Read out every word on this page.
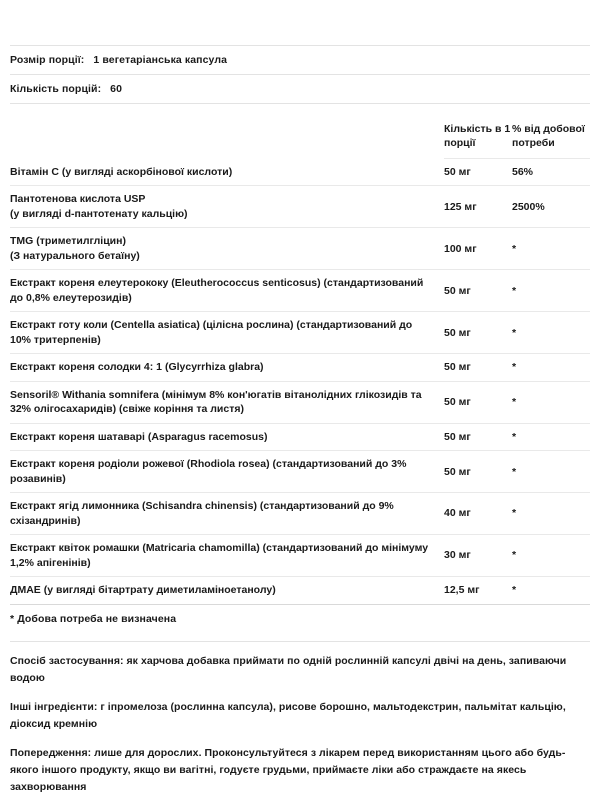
Розмір порції: 1 вегетаріанська капсула
Кількість порцій: 60
	Кількість в 1 порції	% від добової потреби
Вітамін C (у вигляді аскорбінової кислоти)	50 мг	56%
Пантотенова кислота USP
(у вигляді d-пантотенату кальцію)	125 мг	2500%
TMG (триметилгліцин)
(З натурального бетаїну)	100 мг	*
Екстракт кореня елеутерококу (Eleutherococcus senticosus) (стандартизований до 0,8% елеутерозидів)	50 мг	*
Екстракт готу коли (Centella asiatica) (цілісна рослина) (стандартизований до 10% тритерпенів)	50 мг	*
Екстракт кореня солодки 4: 1 (Glycyrrhiza glabra)	50 мг	*
Sensoril® Withania somnifera (мінімум 8% кон'югатів вітанолідних глікозидів та 32% олігосахаридів) (свіже коріння та листя)	50 мг	*
Екстракт кореня шатаварі (Asparagus racemosus)	50 мг	*
Екстракт кореня родіоли рожевої (Rhodiola rosea) (стандартизований до 3% розавинів)	50 мг	*
Екстракт ягід лимонника (Schisandra chinensis) (стандартизований до 9% схізандринів)	40 мг	*
Екстракт квіток ромашки (Matricaria chamomilla) (стандартизований до мінімуму 1,2% апігенінів)	30 мг	*
ДМАЕ (у вигляді бітартрату диметиламіноетанолу)	12,5 мг	*
* Добова потреба не визначена

Спосіб застосування: як харчова добавка приймати по одній рослинній капсулі двічі на день, запиваючи водою

Інші інгредієнти: г іпромелоза (рослинна капсула), рисове борошно, мальтодекстрин, пальмітат кальцію, діоксид кремнію

Попередження: лише для дорослих. Проконсультуйтеся з лікарем перед використанням цього або будь-якого іншого продукту, якщо ви вагітні, годуєте грудьми, приймаєте ліки або страждаєте на якесь захворювання
